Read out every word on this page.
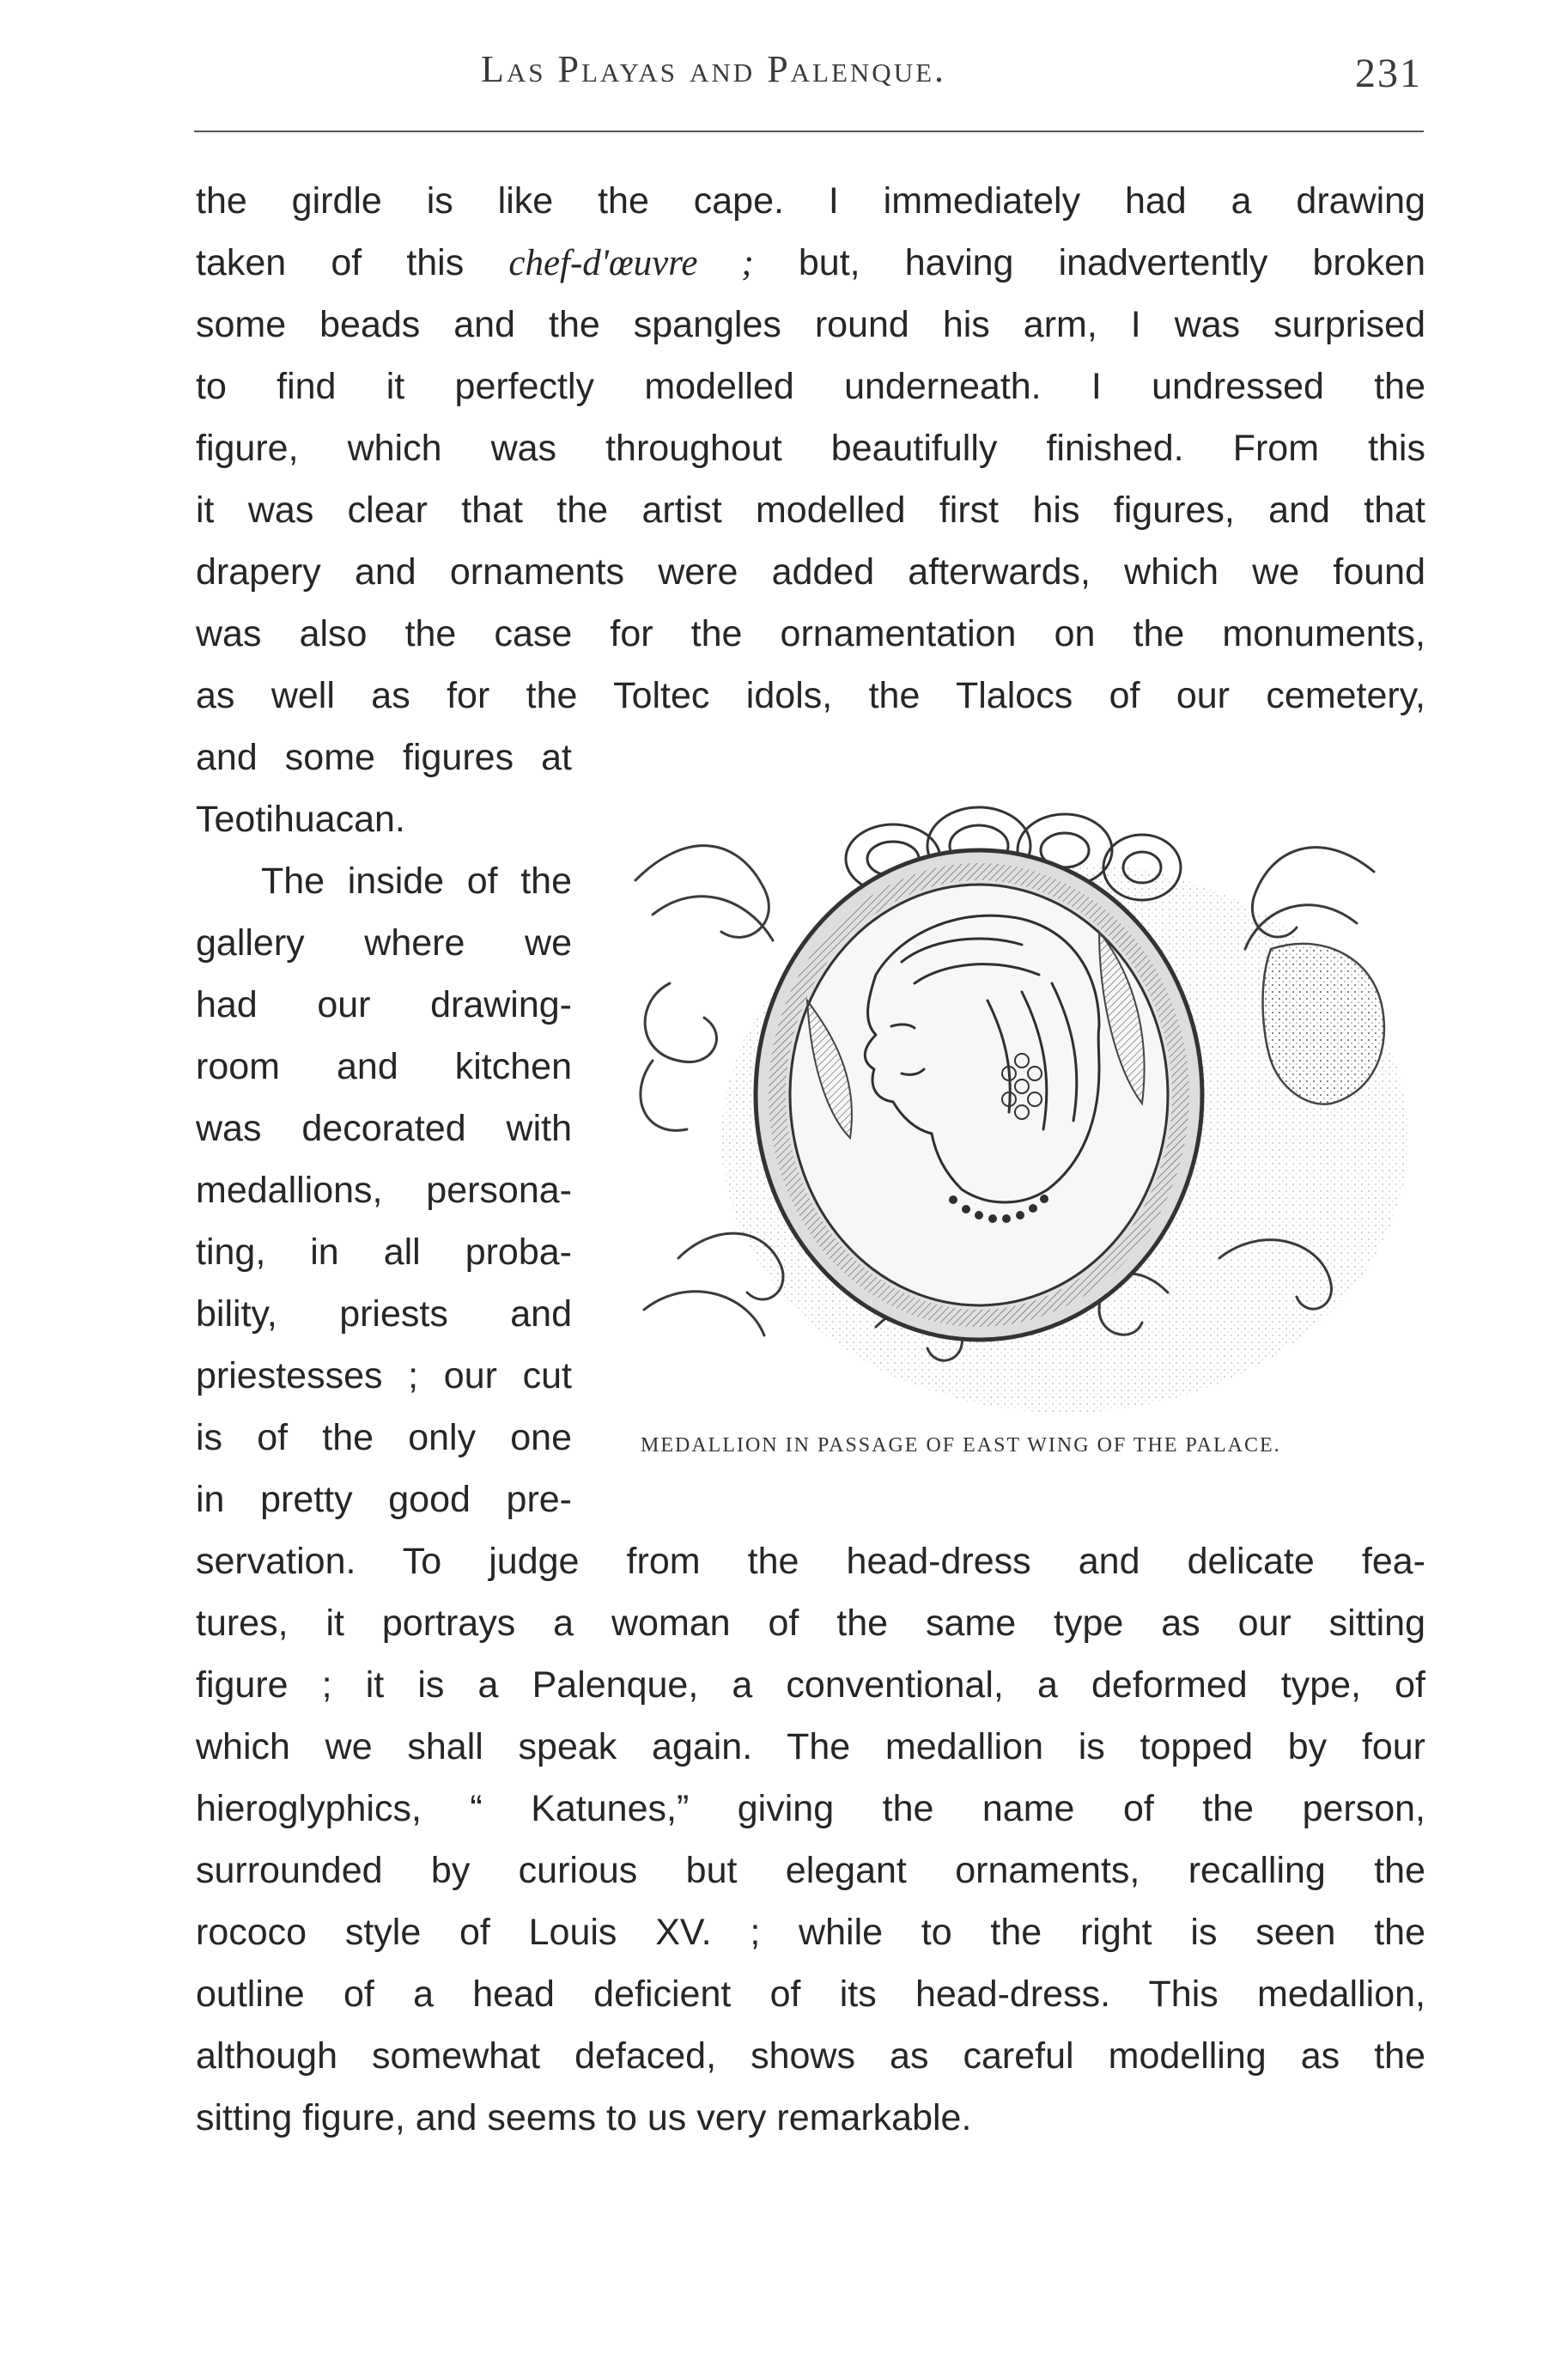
Las Playas and Palenque.	231
the girdle is like the cape. I immediately had a drawing
taken of this chef-d'œuvre ; but, having inadvertently broken
some beads and the spangles round his arm, I was surprised
to find it perfectly modelled underneath. I undressed the
figure, which was throughout beautifully finished. From this
it was clear that the artist modelled first his figures, and that
drapery and ornaments were added afterwards, which we found
was also the case for the ornamentation on the monuments,
as well as for the Toltec idols, the Tlalocs of our cemetery,
and some figures at
Teotihuacan.
The inside of the
gallery where we
had our drawing-
room and kitchen
was decorated with
medallions, persona-
ting, in all proba-
bility, priests and
priestesses ; our cut
is of the only one
in pretty good pre-
servation. To judge from the head-dress and delicate fea-
tures, it portrays a woman of the same type as our sitting
figure ; it is a Palenque, a conventional, a deformed type, of
which we shall speak again. The medallion is topped by four
hieroglyphics, “ Katunes,” giving the name of the person,
surrounded by curious but elegant ornaments, recalling the
rococo style of Louis XV. ; while to the right is seen the
outline of a head deficient of its head-dress. This medallion,
although somewhat defaced, shows as careful modelling as the
sitting figure, and seems to us very remarkable.
MEDALLION IN PASSAGE OF EAST WING OF THE PALACE.
